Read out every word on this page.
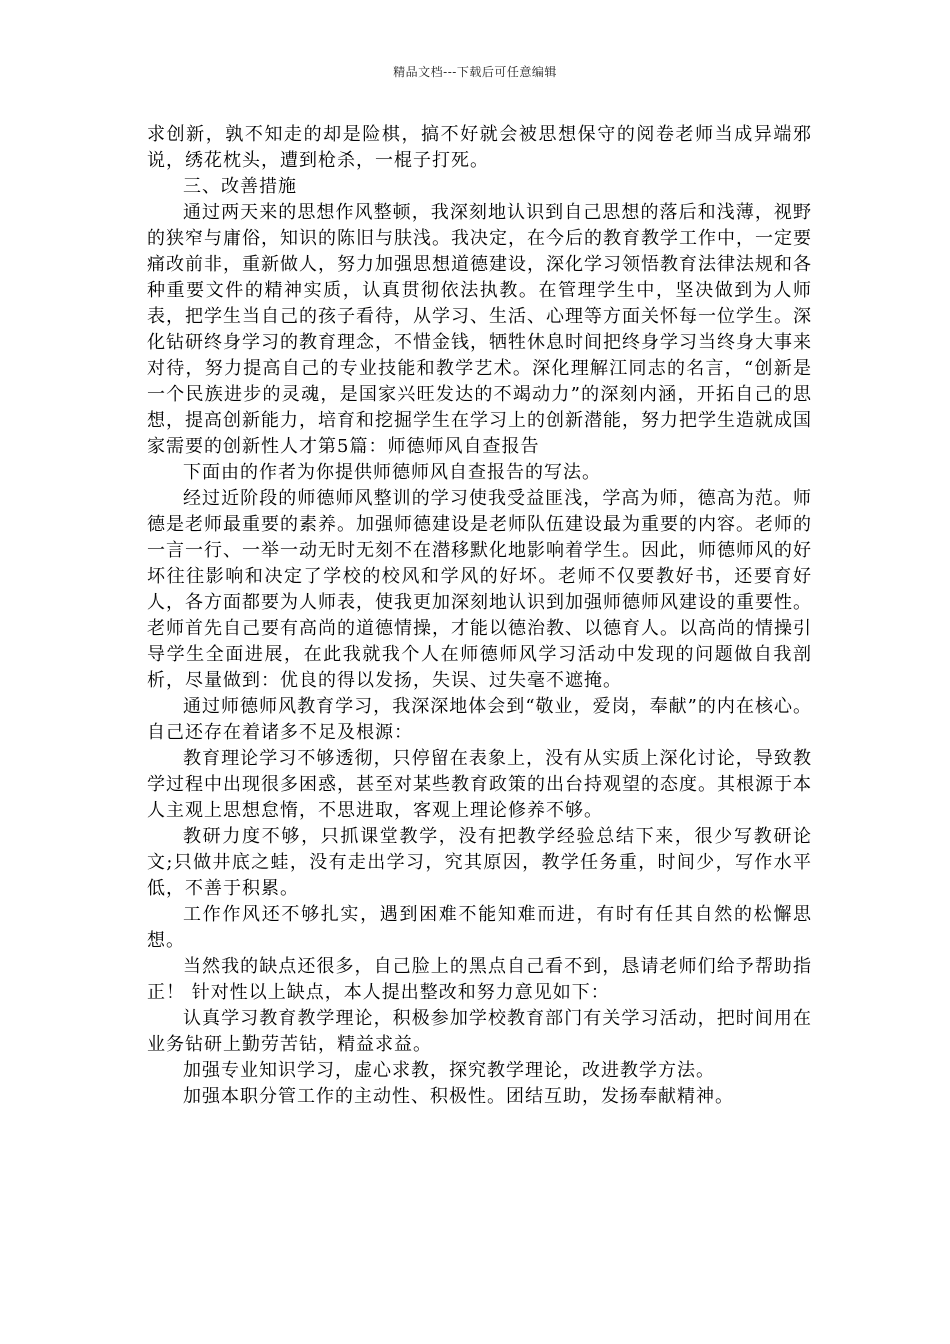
精品文档---下载后可任意编辑

求创新，孰不知走的却是险棋，搞不好就会被思想保守的阅卷老师当成异端邪说，绣花枕头，遭到枪杀，一棍子打死。

三、改善措施

通过两天来的思想作风整顿，我深刻地认识到自己思想的落后和浅薄，视野的狭窄与庸俗，知识的陈旧与肤浅。我决定，在今后的教育教学工作中，一定要痛改前非，重新做人，努力加强思想道德建设，深化学习领悟教育法律法规和各种重要文件的精神实质，认真贯彻依法执教。在管理学生中，坚决做到为人师表，把学生当自己的孩子看待，从学习、生活、心理等方面关怀每一位学生。深化钻研终身学习的教育理念，不惜金钱，牺牲休息时间把终身学习当终身大事来对待，努力提高自己的专业技能和教学艺术。深化理解江同志的名言，“创新是一个民族进步的灵魂，是国家兴旺发达的不竭动力”的深刻内涵，开拓自己的思想，提高创新能力，培育和挖掘学生在学习上的创新潜能，努力把学生造就成国家需要的创新性人才第5篇：师德师风自查报告

下面由的作者为你提供师德师风自查报告的写法。

经过近阶段的师德师风整训的学习使我受益匪浅，学高为师，德高为范。师德是老师最重要的素养。加强师德建设是老师队伍建设最为重要的内容。老师的一言一行、一举一动无时无刻不在潜移默化地影响着学生。因此，师德师风的好坏往往影响和决定了学校的校风和学风的好坏。老师不仅要教好书，还要育好人，各方面都要为人师表，使我更加深刻地认识到加强师德师风建设的重要性。老师首先自己要有高尚的道德情操，才能以德治教、以德育人。以高尚的情操引导学生全面进展，在此我就我个人在师德师风学习活动中发现的问题做自我剖析，尽量做到：优良的得以发扬，失误、过失毫不遮掩。

通过师德师风教育学习，我深深地体会到“敬业，爱岗，奉献”的内在核心。自己还存在着诸多不足及根源：

教育理论学习不够透彻，只停留在表象上，没有从实质上深化讨论，导致教学过程中出现很多困惑，甚至对某些教育政策的出台持观望的态度。其根源于本人主观上思想怠惰，不思进取，客观上理论修养不够。

教研力度不够，只抓课堂教学，没有把教学经验总结下来，很少写教研论文;只做井底之蛙，没有走出学习，究其原因，教学任务重，时间少，写作水平低，不善于积累。

工作作风还不够扎实，遇到困难不能知难而进，有时有任其自然的松懈思想。

当然我的缺点还很多，自己脸上的黑点自己看不到，恳请老师们给予帮助指正！ 针对性以上缺点，本人提出整改和努力意见如下：

认真学习教育教学理论，积极参加学校教育部门有关学习活动，把时间用在业务钻研上勤劳苦钻，精益求益。

加强专业知识学习，虚心求教，探究教学理论，改进教学方法。

加强本职分管工作的主动性、积极性。团结互助，发扬奉献精神。
